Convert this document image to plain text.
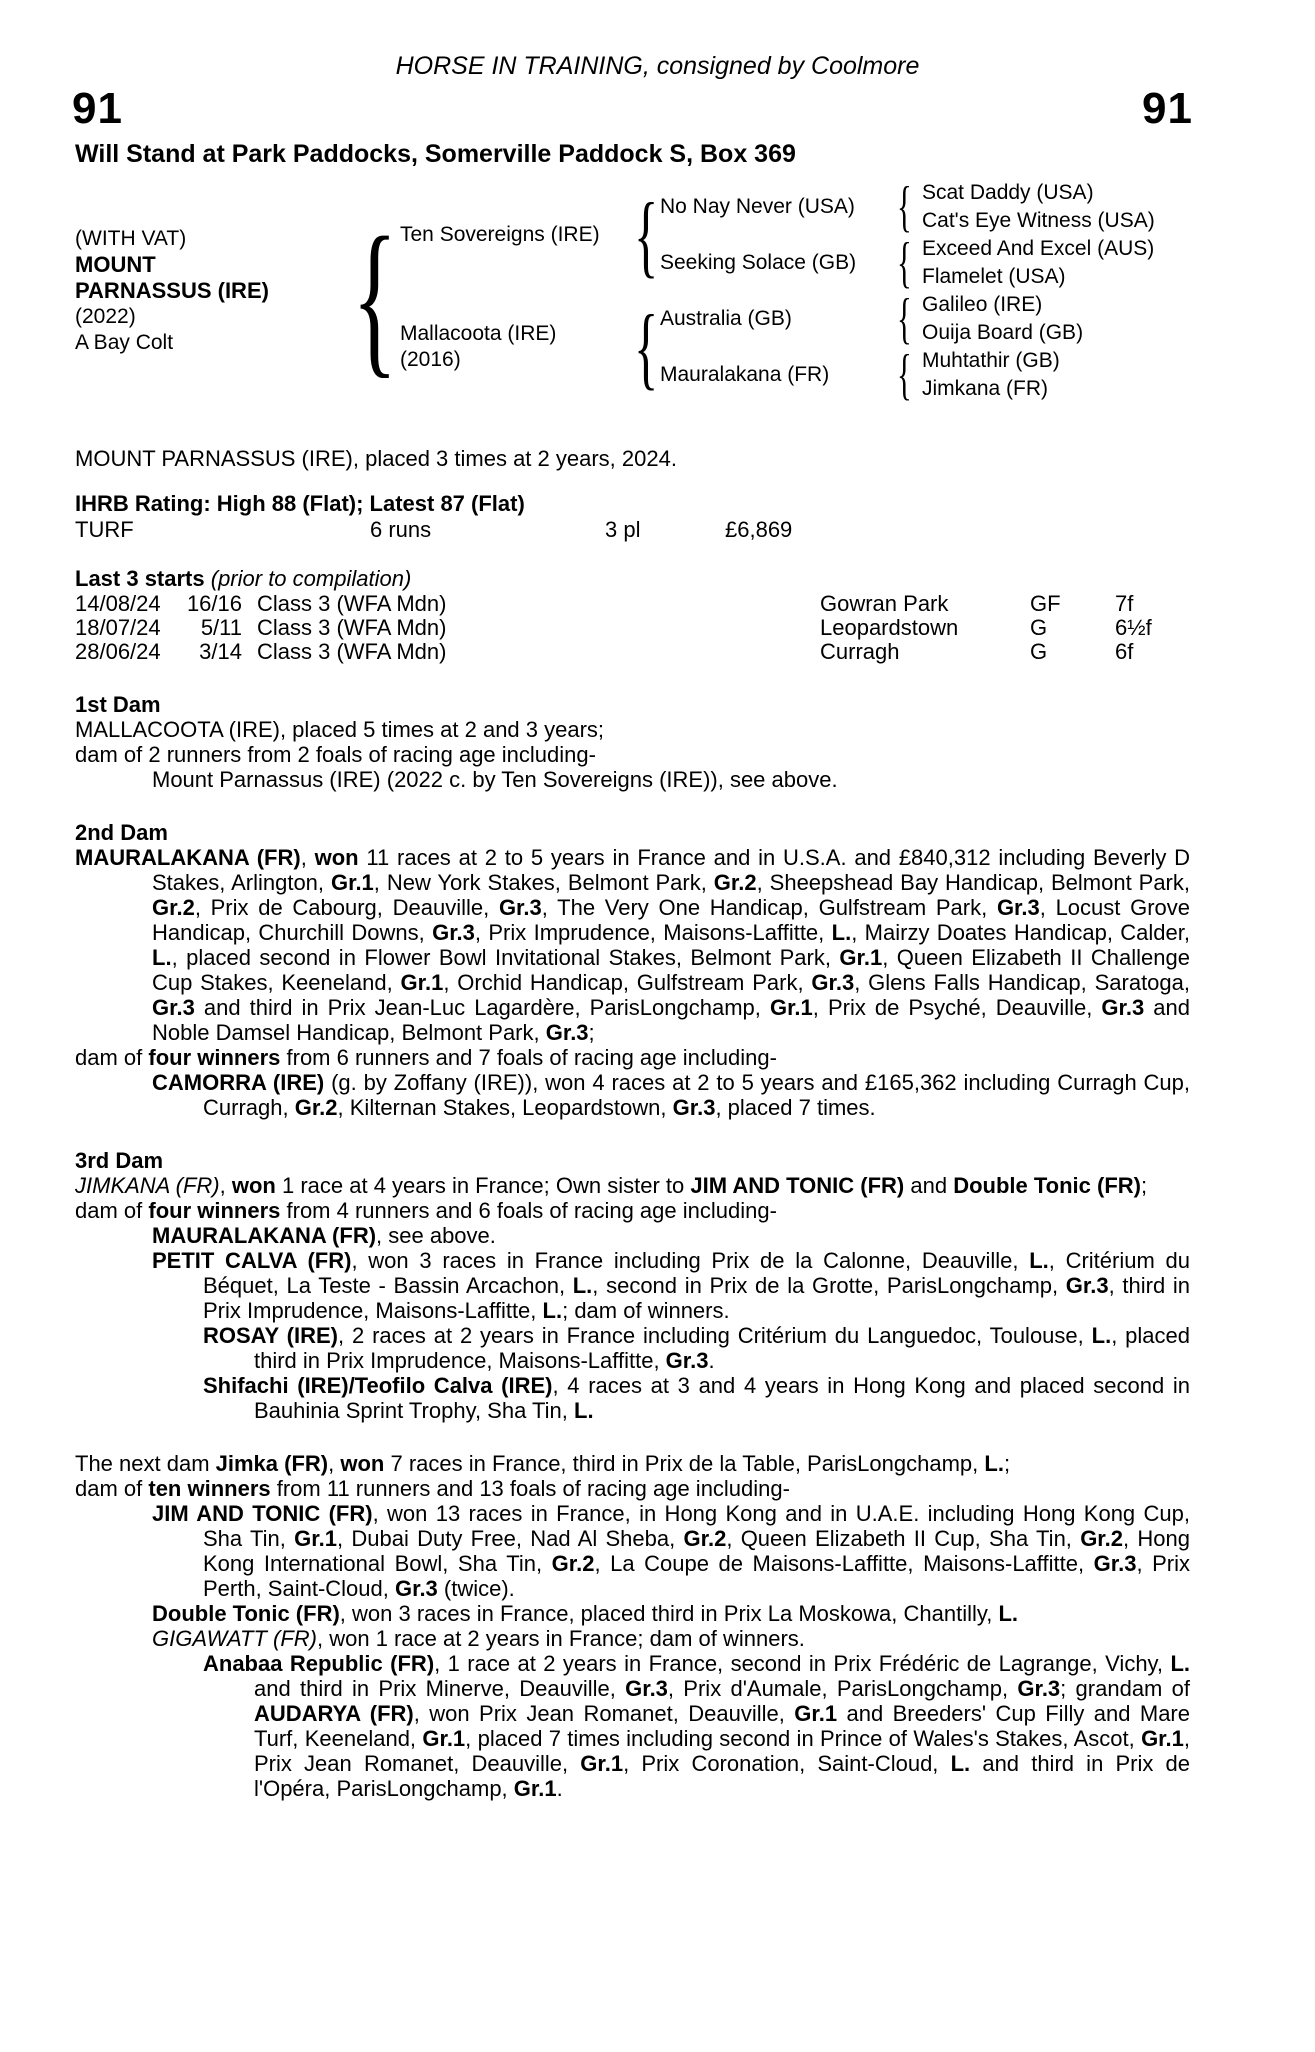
HORSE IN TRAINING, consigned by Coolmore
91	91
Will Stand at Park Paddocks, Somerville Paddock S, Box 369
(WITH VAT)
MOUNT
PARNASSUS (IRE)
(2022)
A Bay Colt
{
{
{
{
{
{
{
Ten Sovereigns (IRE)
Mallacoota (IRE)
(2016)
No Nay Never (USA)
Seeking Solace (GB)
Australia (GB)
Mauralakana (FR)
Scat Daddy (USA)
Cat's Eye Witness (USA)
Exceed And Excel (AUS)
Flamelet (USA)
Galileo (IRE)
Ouija Board (GB)
Muhtathir (GB)
Jimkana (FR)
MOUNT PARNASSUS (IRE), placed 3 times at 2 years, 2024.
IHRB Rating: High 88 (Flat); Latest 87 (Flat)
TURF	6 runs	3 pl	£6,869
Last 3 starts (prior to compilation)
14/08/24	16/16 Class 3 (WFA Mdn)	Gowran Park	GF 7f
18/07/24	5/11 Class 3 (WFA Mdn)	Leopardstown	G	6½f
28/06/24	3/14 Class 3 (WFA Mdn)	Curragh	G	6f
1st Dam
MALLACOOTA (IRE), placed 5 times at 2 and 3 years;
dam of 2 runners from 2 foals of racing age including-
Mount Parnassus (IRE) (2022 c. by Ten Sovereigns (IRE)), see above.
2nd Dam
MAURALAKANA (FR), won 11 races at 2 to 5 years in France and in U.S.A. and £840,312 including Beverly D Stakes, Arlington, Gr.1, New York Stakes, Belmont Park, Gr.2, Sheepshead Bay Handicap, Belmont Park, Gr.2, Prix de Cabourg, Deauville, Gr.3, The Very One Handicap, Gulfstream Park, Gr.3, Locust Grove Handicap, Churchill Downs, Gr.3, Prix Imprudence, Maisons-Laffitte, L., Mairzy Doates Handicap, Calder, L., placed second in Flower Bowl Invitational Stakes, Belmont Park, Gr.1, Queen Elizabeth II Challenge Cup Stakes, Keeneland, Gr.1, Orchid Handicap, Gulfstream Park, Gr.3, Glens Falls Handicap, Saratoga, Gr.3 and third in Prix Jean-Luc Lagardère, ParisLongchamp, Gr.1, Prix de Psyché, Deauville, Gr.3 and Noble Damsel Handicap, Belmont Park, Gr.3;
dam of four winners from 6 runners and 7 foals of racing age including-
CAMORRA (IRE) (g. by Zoffany (IRE)), won 4 races at 2 to 5 years and £165,362 including Curragh Cup, Curragh, Gr.2, Kilternan Stakes, Leopardstown, Gr.3, placed 7 times.
3rd Dam
JIMKANA (FR), won 1 race at 4 years in France; Own sister to JIM AND TONIC (FR) and Double Tonic (FR);
dam of four winners from 4 runners and 6 foals of racing age including-
MAURALAKANA (FR), see above.
PETIT CALVA (FR), won 3 races in France including Prix de la Calonne, Deauville, L., Critérium du Béquet, La Teste - Bassin Arcachon, L., second in Prix de la Grotte, ParisLongchamp, Gr.3, third in Prix Imprudence, Maisons-Laffitte, L.; dam of winners.
ROSAY (IRE), 2 races at 2 years in France including Critérium du Languedoc, Toulouse, L., placed third in Prix Imprudence, Maisons-Laffitte, Gr.3.
Shifachi (IRE)/Teofilo Calva (IRE), 4 races at 3 and 4 years in Hong Kong and placed second in Bauhinia Sprint Trophy, Sha Tin, L.
The next dam Jimka (FR), won 7 races in France, third in Prix de la Table, ParisLongchamp, L.;
dam of ten winners from 11 runners and 13 foals of racing age including-
JIM AND TONIC (FR), won 13 races in France, in Hong Kong and in U.A.E. including Hong Kong Cup, Sha Tin, Gr.1, Dubai Duty Free, Nad Al Sheba, Gr.2, Queen Elizabeth II Cup, Sha Tin, Gr.2, Hong Kong International Bowl, Sha Tin, Gr.2, La Coupe de Maisons-Laffitte, Maisons-Laffitte, Gr.3, Prix Perth, Saint-Cloud, Gr.3 (twice).
Double Tonic (FR), won 3 races in France, placed third in Prix La Moskowa, Chantilly, L.
GIGAWATT (FR), won 1 race at 2 years in France; dam of winners.
Anabaa Republic (FR), 1 race at 2 years in France, second in Prix Frédéric de Lagrange, Vichy, L. and third in Prix Minerve, Deauville, Gr.3, Prix d'Aumale, ParisLongchamp, Gr.3; grandam of AUDARYA (FR), won Prix Jean Romanet, Deauville, Gr.1 and Breeders' Cup Filly and Mare Turf, Keeneland, Gr.1, placed 7 times including second in Prince of Wales's Stakes, Ascot, Gr.1, Prix Jean Romanet, Deauville, Gr.1, Prix Coronation, Saint-Cloud, L. and third in Prix de l'Opéra, ParisLongchamp, Gr.1.
